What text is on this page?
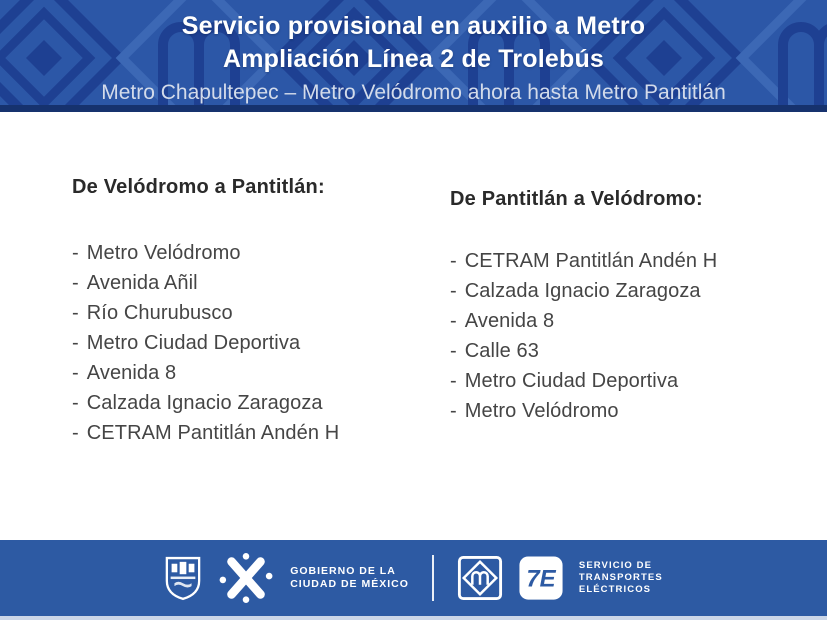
Servicio provisional en auxilio a Metro
Ampliación Línea 2 de Trolebús
Metro Chapultepec – Metro Velódromo ahora hasta Metro Pantitlán
De Velódromo a Pantitlán:
- Metro Velódromo
- Avenida Añil
- Río Churubusco
- Metro Ciudad Deportiva
- Avenida 8
- Calzada Ignacio Zaragoza
- CETRAM Pantitlán Andén H
De Pantitlán a Velódromo:
- CETRAM Pantitlán Andén H
- Calzada Ignacio Zaragoza
- Avenida 8
- Calle 63
- Metro Ciudad Deportiva
- Metro Velódromo
GOBIERNO DE LA
CIUDAD DE MÉXICO	7E
SERVICIO DE
TRANSPORTES
ELÉCTRICOS
